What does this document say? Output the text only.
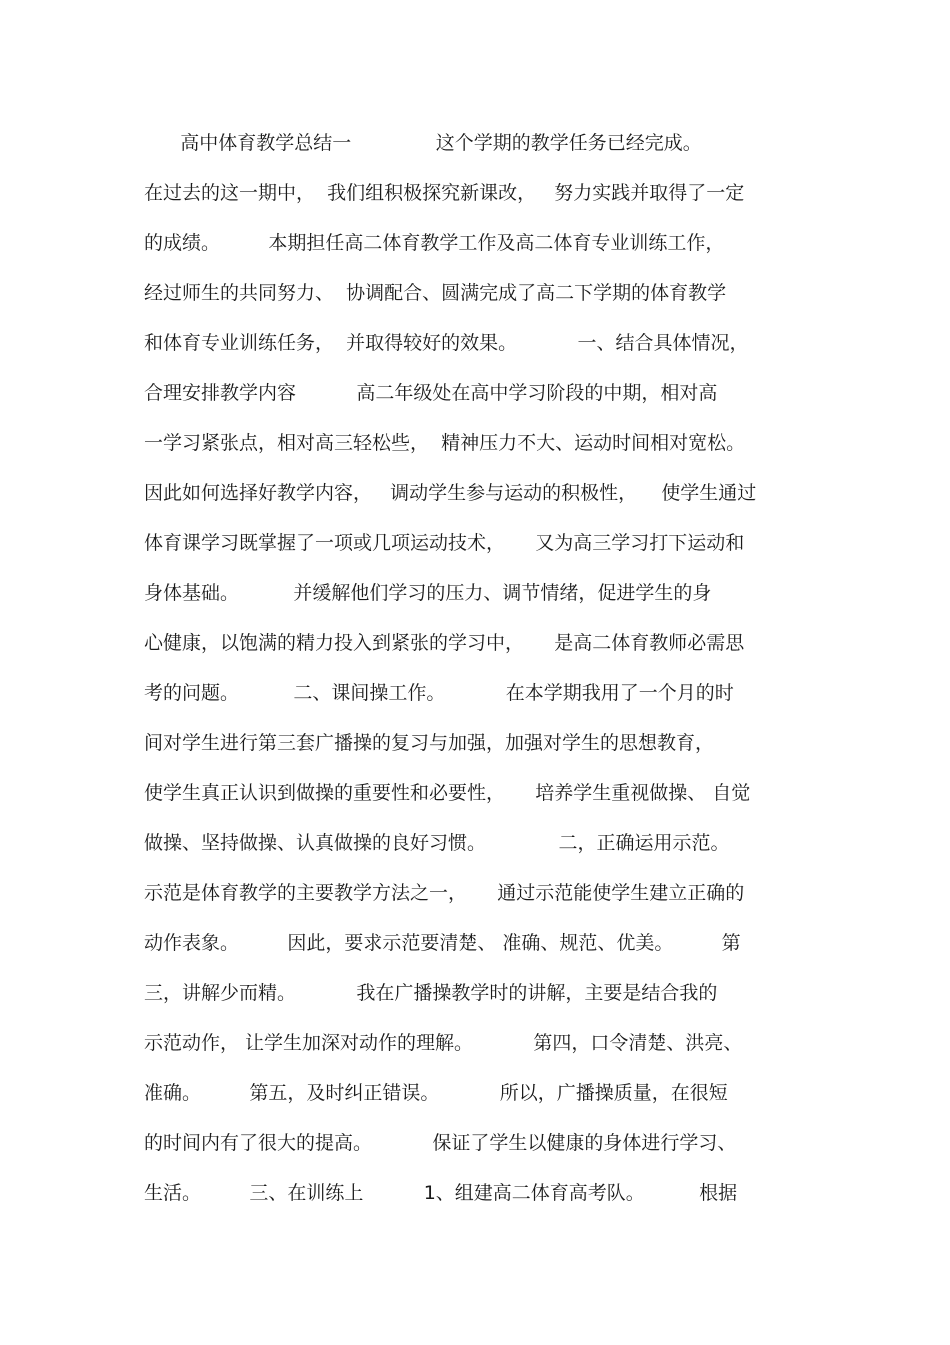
高中体育教学总结一              这个学期的教学任务已经完成。
在过去的这一期中，  我们组积极探究新课改，   努力实践并取得了一定
的成绩。        本期担任高二体育教学工作及高二体育专业训练工作，
经过师生的共同努力、  协调配合、圆满完成了高二下学期的体育教学
和体育专业训练任务，  并取得较好的效果。          一、结合具体情况，
合理安排教学内容          高二年级处在高中学习阶段的中期，相对高
一学习紧张点，相对高三轻松些，  精神压力不大、运动时间相对宽松。
因此如何选择好教学内容，   调动学生参与运动的积极性，    使学生通过
体育课学习既掌握了一项或几项运动技术，     又为高三学习打下运动和
身体基础。         并缓解他们学习的压力、调节情绪，促进学生的身
心健康，以饱满的精力投入到紧张的学习中，     是高二体育教师必需思
考的问题。         二、课间操工作。          在本学期我用了一个月的时
间对学生进行第三套广播操的复习与加强，加强对学生的思想教育，
使学生真正认识到做操的重要性和必要性，     培养学生重视做操、 自觉
做操、坚持做操、认真做操的良好习惯。            二，正确运用示范。
示范是体育教学的主要教学方法之一，     通过示范能使学生建立正确的
动作表象。        因此，要求示范要清楚、 准确、规范、优美。        第
三，讲解少而精。          我在广播操教学时的讲解，主要是结合我的
示范动作， 让学生加深对动作的理解。          第四，口令清楚、洪亮、
准确。        第五，及时纠正错误。          所以，广播操质量，在很短
的时间内有了很大的提高。          保证了学生以健康的身体进行学习、
生活。        三、在训练上          1、组建高二体育高考队。         根据
